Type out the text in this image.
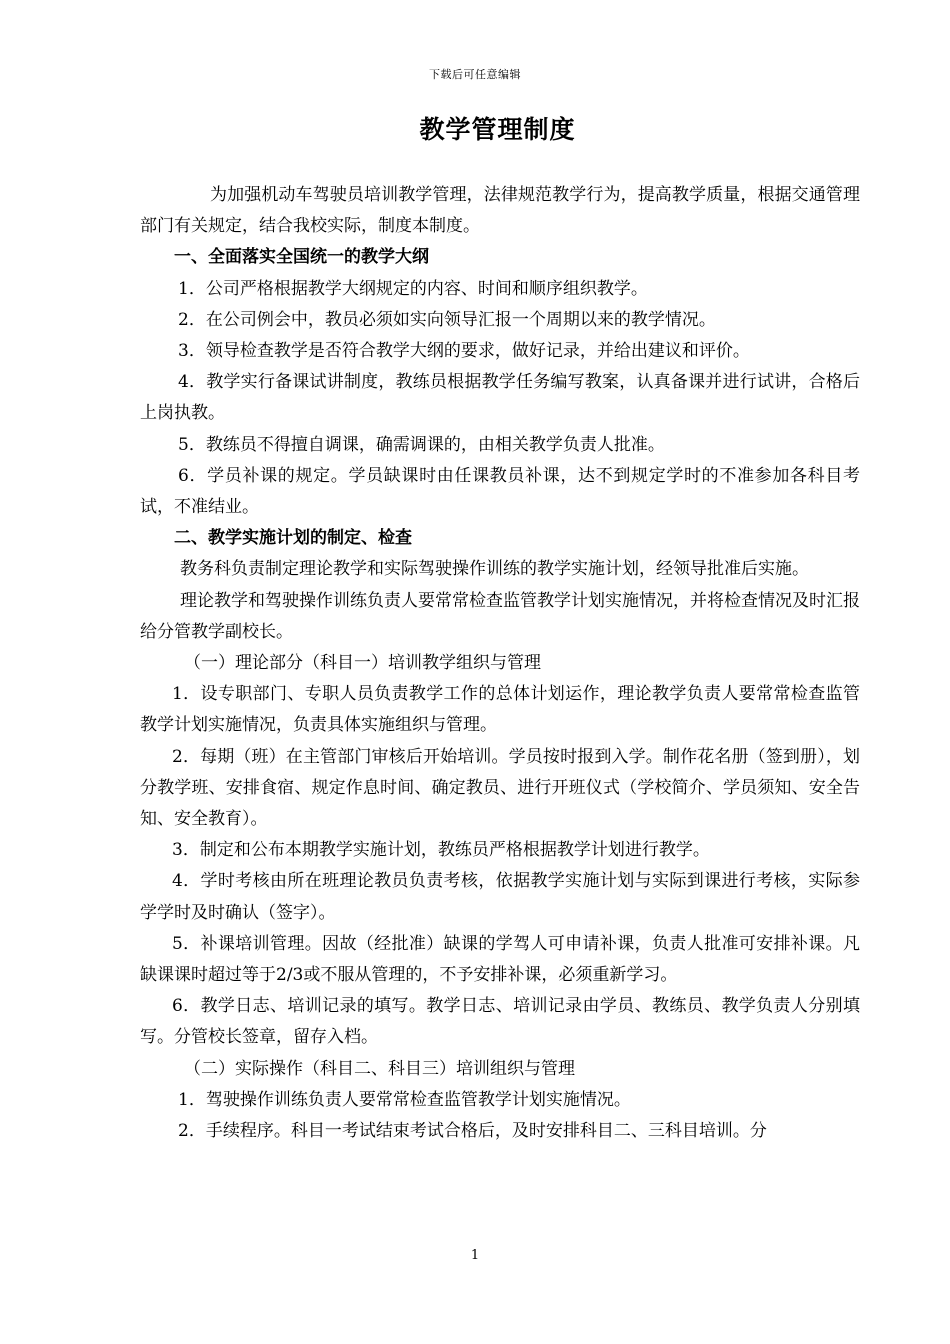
下载后可任意编辑
教学管理制度

为加强机动车驾驶员培训教学管理，法律规范教学行为，提高教学质量，根据交通管理部门有关规定，结合我校实际，制度本制度。

一、全面落实全国统一的教学大纲

1．公司严格根据教学大纲规定的内容、时间和顺序组织教学。

2．在公司例会中，教员必须如实向领导汇报一个周期以来的教学情况。

3．领导检查教学是否符合教学大纲的要求，做好记录，并给出建议和评价。

4．教学实行备课试讲制度，教练员根据教学任务编写教案，认真备课并进行试讲，合格后上岗执教。

5．教练员不得擅自调课，确需调课的，由相关教学负责人批准。

6．学员补课的规定。学员缺课时由任课教员补课，达不到规定学时的不准参加各科目考试，不准结业。

二、教学实施计划的制定、检查

教务科负责制定理论教学和实际驾驶操作训练的教学实施计划，经领导批准后实施。

理论教学和驾驶操作训练负责人要常常检查监管教学计划实施情况，并将检查情况及时汇报给分管教学副校长。

（一）理论部分（科目一）培训教学组织与管理

1．设专职部门、专职人员负责教学工作的总体计划运作，理论教学负责人要常常检查监管教学计划实施情况，负责具体实施组织与管理。

2．每期（班）在主管部门审核后开始培训。学员按时报到入学。制作花名册（签到册），划分教学班、安排食宿、规定作息时间、确定教员、进行开班仪式（学校简介、学员须知、安全告知、安全教育）。

3．制定和公布本期教学实施计划，教练员严格根据教学计划进行教学。

4．学时考核由所在班理论教员负责考核，依据教学实施计划与实际到课进行考核，实际参学学时及时确认（签字）。

5．补课培训管理。因故（经批准）缺课的学驾人可申请补课，负责人批准可安排补课。凡缺课课时超过等于2/3或不服从管理的，不予安排补课，必须重新学习。

6．教学日志、培训记录的填写。教学日志、培训记录由学员、教练员、教学负责人分别填写。分管校长签章，留存入档。

（二）实际操作（科目二、科目三）培训组织与管理

1．驾驶操作训练负责人要常常检查监管教学计划实施情况。

2．手续程序。科目一考试结束考试合格后，及时安排科目二、三科目培训。分

1
